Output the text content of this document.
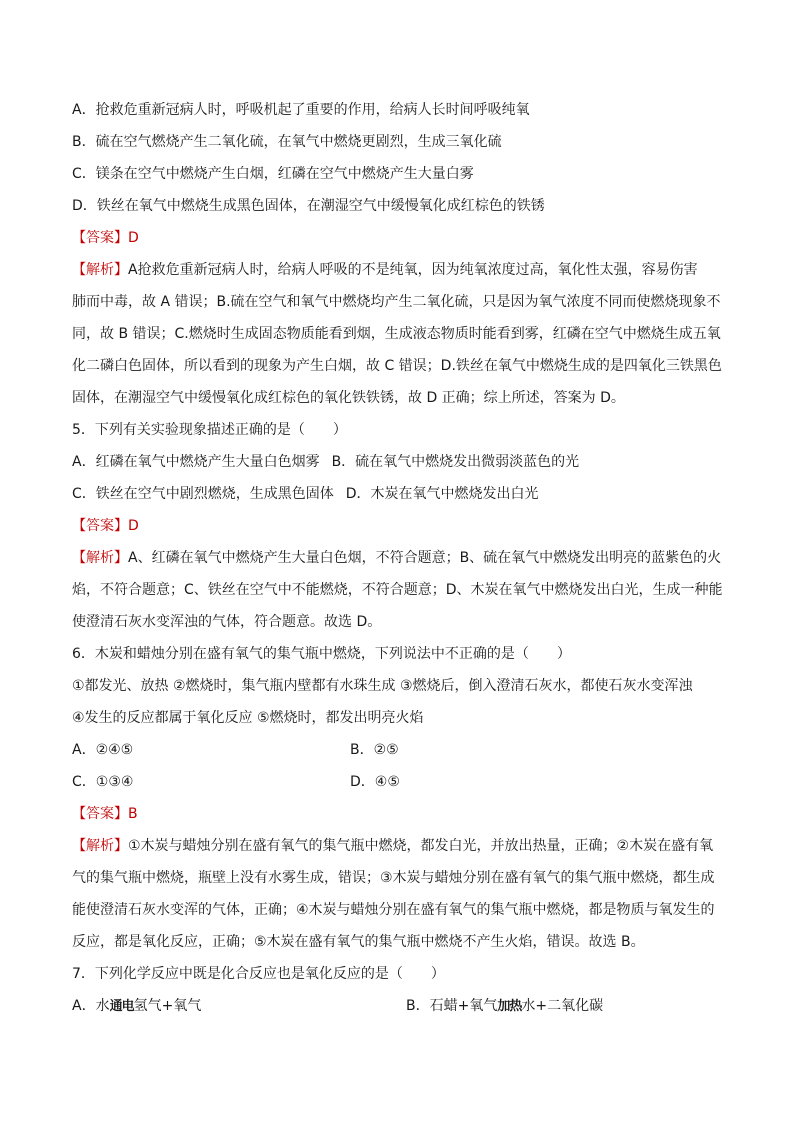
A．抢救危重新冠病人时，呼吸机起了重要的作用，给病人长时间呼吸纯氧
B．硫在空气燃烧产生二氧化硫，在氧气中燃烧更剧烈，生成三氧化硫
C．镁条在空气中燃烧产生白烟，红磷在空气中燃烧产生大量白雾
D．铁丝在氧气中燃烧生成黑色固体，在潮湿空气中缓慢氧化成红棕色的铁锈
【答案】D
【解析】A抢救危重新冠病人时，给病人呼吸的不是纯氧，因为纯氧浓度过高，氧化性太强，容易伤害
肺而中毒，故 A 错误；B.硫在空气和氧气中燃烧均产生二氧化硫，只是因为氧气浓度不同而使燃烧现象不
同，故 B 错误；C.燃烧时生成固态物质能看到烟，生成液态物质时能看到雾，红磷在空气中燃烧生成五氧
化二磷白色固体，所以看到的现象为产生白烟，故 C 错误；D.铁丝在氧气中燃烧生成的是四氧化三铁黑色
固体，在潮湿空气中缓慢氧化成红棕色的氧化铁铁锈，故 D 正确；综上所述，答案为 D。
5．下列有关实验现象描述正确的是（　　）
A．红磷在氧气中燃烧产生大量白色烟雾 B．硫在氧气中燃烧发出微弱淡蓝色的光
C．铁丝在空气中剧烈燃烧，生成黑色固体 D．木炭在氧气中燃烧发出白光
【答案】D
【解析】A、红磷在氧气中燃烧产生大量白色烟，不符合题意；B、硫在氧气中燃烧发出明亮的蓝紫色的火
焰，不符合题意；C、铁丝在空气中不能燃烧，不符合题意；D、木炭在氧气中燃烧发出白光，生成一种能
使澄清石灰水变浑浊的气体，符合题意。故选 D。
6．木炭和蜡烛分别在盛有氧气的集气瓶中燃烧，下列说法中不正确的是（　　）
①都发光、放热 ②燃烧时，集气瓶内壁都有水珠生成 ③燃烧后，倒入澄清石灰水，都使石灰水变浑浊
④发生的反应都属于氧化反应 ⑤燃烧时，都发出明亮火焰
A．②④⑤	B．②⑤
C．①③④	D．④⑤
【答案】B
【解析】①木炭与蜡烛分别在盛有氧气的集气瓶中燃烧，都发白光，并放出热量，正确；②木炭在盛有氧
气的集气瓶中燃烧，瓶壁上没有水雾生成，错误；③木炭与蜡烛分别在盛有氧气的集气瓶中燃烧，都生成
能使澄清石灰水变浑的气体，正确；④木炭与蜡烛分别在盛有氧气的集气瓶中燃烧，都是物质与氧发生的
反应，都是氧化反应，正确；⑤木炭在盛有氧气的集气瓶中燃烧不产生火焰，错误。故选 B。
7．下列化学反应中既是化合反应也是氧化反应的是（　　）
A．水通电氢气+氧气	B．石蜡+氧气加热水+二氧化碳
